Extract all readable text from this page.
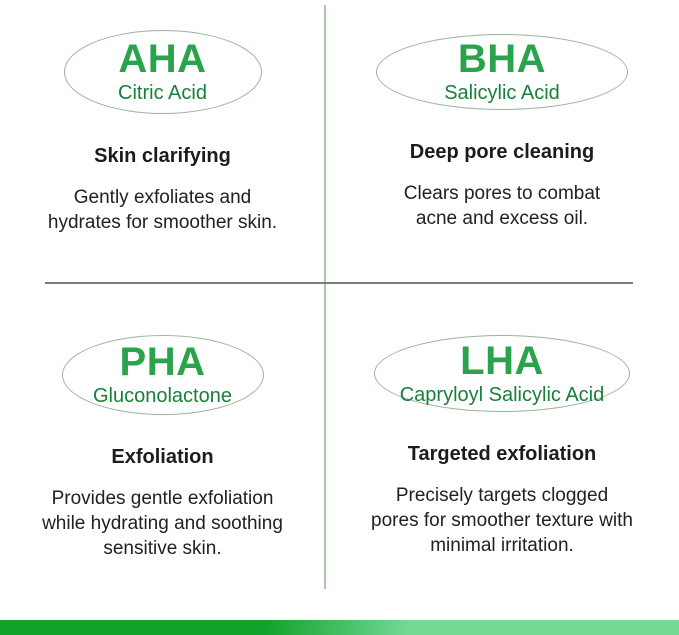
AHA
Citric Acid
Skin clarifying
Gently exfoliates and hydrates for smoother skin.
BHA
Salicylic Acid
Deep pore cleaning
Clears pores to combat acne and excess oil.
PHA
Gluconolactone
Exfoliation
Provides gentle exfoliation while hydrating and soothing sensitive skin.
LHA
Capryloyl Salicylic Acid
Targeted exfoliation
Precisely targets clogged pores for smoother texture with minimal irritation.
